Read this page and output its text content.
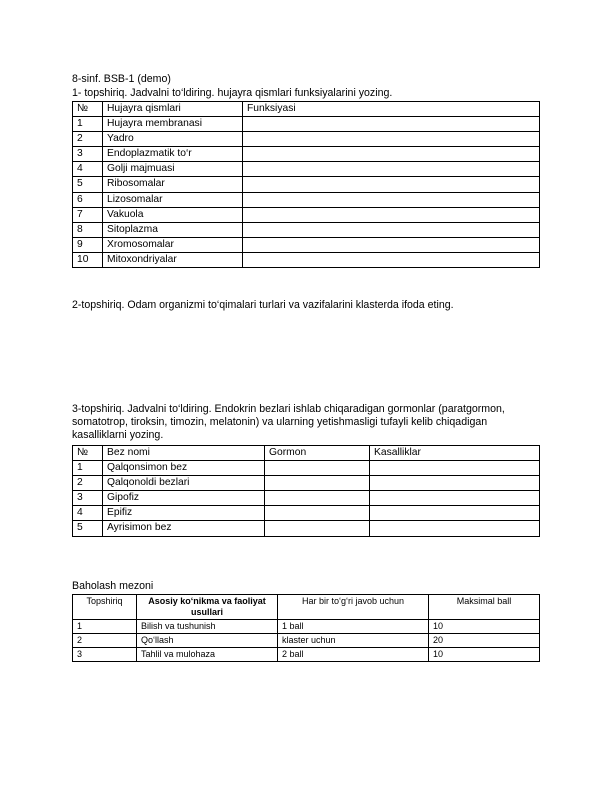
8-sinf. BSB-1 (demo)
1- topshiriq. Jadvalni to‘ldiring. hujayra qismlari funksiyalarini yozing.
№	Hujayra qismlari	Funksiyasi
1	Hujayra membranasi	
2	Yadro	
3	Endoplazmatik to‘r	
4	Golji majmuasi	
5	Ribosomalar	
6	Lizosomalar	
7	Vakuola	
8	Sitoplazma	
9	Xromosomalar	
10	Mitoxondriyalar	
2-topshiriq. Odam organizmi to‘qimalari turlari va vazifalarini klasterda ifoda eting.
3-topshiriq. Jadvalni to‘ldiring. Endokrin bezlari ishlab chiqaradigan gormonlar (paratgormon, somatotrop, tiroksin, timozin, melatonin) va ularning yetishmasligi tufayli kelib chiqadigan kasalliklarni yozing.
№	Bez nomi	Gormon	Kasalliklar
1	Qalqonsimon bez		
2	Qalqonoldi bezlari		
3	Gipofiz		
4	Epifiz		
5	Ayrisimon bez		
Baholash mezoni
Topshiriq	Asosiy ko‘nikma va faoliyat usullari	Har bir to‘g‘ri javob uchun	Maksimal ball
1	Bilish va tushunish	1 ball	10
2	Qo‘llash	klaster uchun	20
3	Tahlil va mulohaza	2 ball	10
